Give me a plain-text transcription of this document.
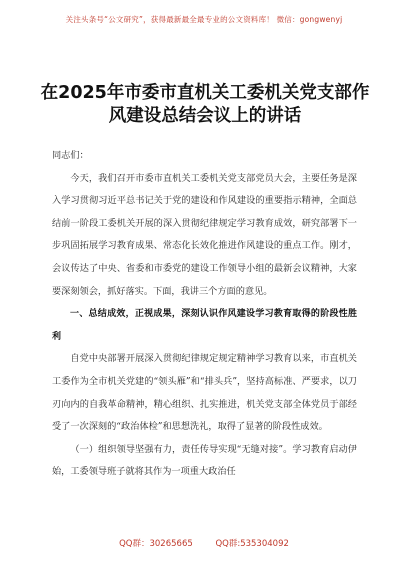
关注头条号“公文研究”，获得最新最全最专业的公文资料库！ 微信：gongwenyj
在2025年市委市直机关工委机关党支部作风建设总结会议上的讲话

同志们：

今天，我们召开市委市直机关工委机关党支部党员大会，主要任务是深入学习贯彻习近平总书记关于党的建设和作风建设的重要指示精神，全面总结前一阶段工委机关开展的深入贯彻纪律规定学习教育成效，研究部署下一步巩固拓展学习教育成果、常态化长效化推进作风建设的重点工作。刚才，会议传达了中央、省委和市委党的建设工作领导小组的最新会议精神，大家要深刻领会，抓好落实。下面，我讲三个方面的意见。

一、总结成效，正视成果，深刻认识作风建设学习教育取得的阶段性胜利

自党中央部署开展深入贯彻纪律规定规定精神学习教育以来，市直机关工委作为全市机关党建的“领头雁”和“排头兵”，坚持高标准、严要求，以刀刃向内的自我革命精神，精心组织、扎实推进，机关党支部全体党员于部经受了一次深刻的“政治体检”和思想洗礼，取得了显著的阶段性成效。

（一）组织领导坚强有力，责任传导实现“无缝对接”。学习教育启动伊始，工委领导班子就将其作为一项重大政治任

QQ群：30265665	QQ群:535304092
